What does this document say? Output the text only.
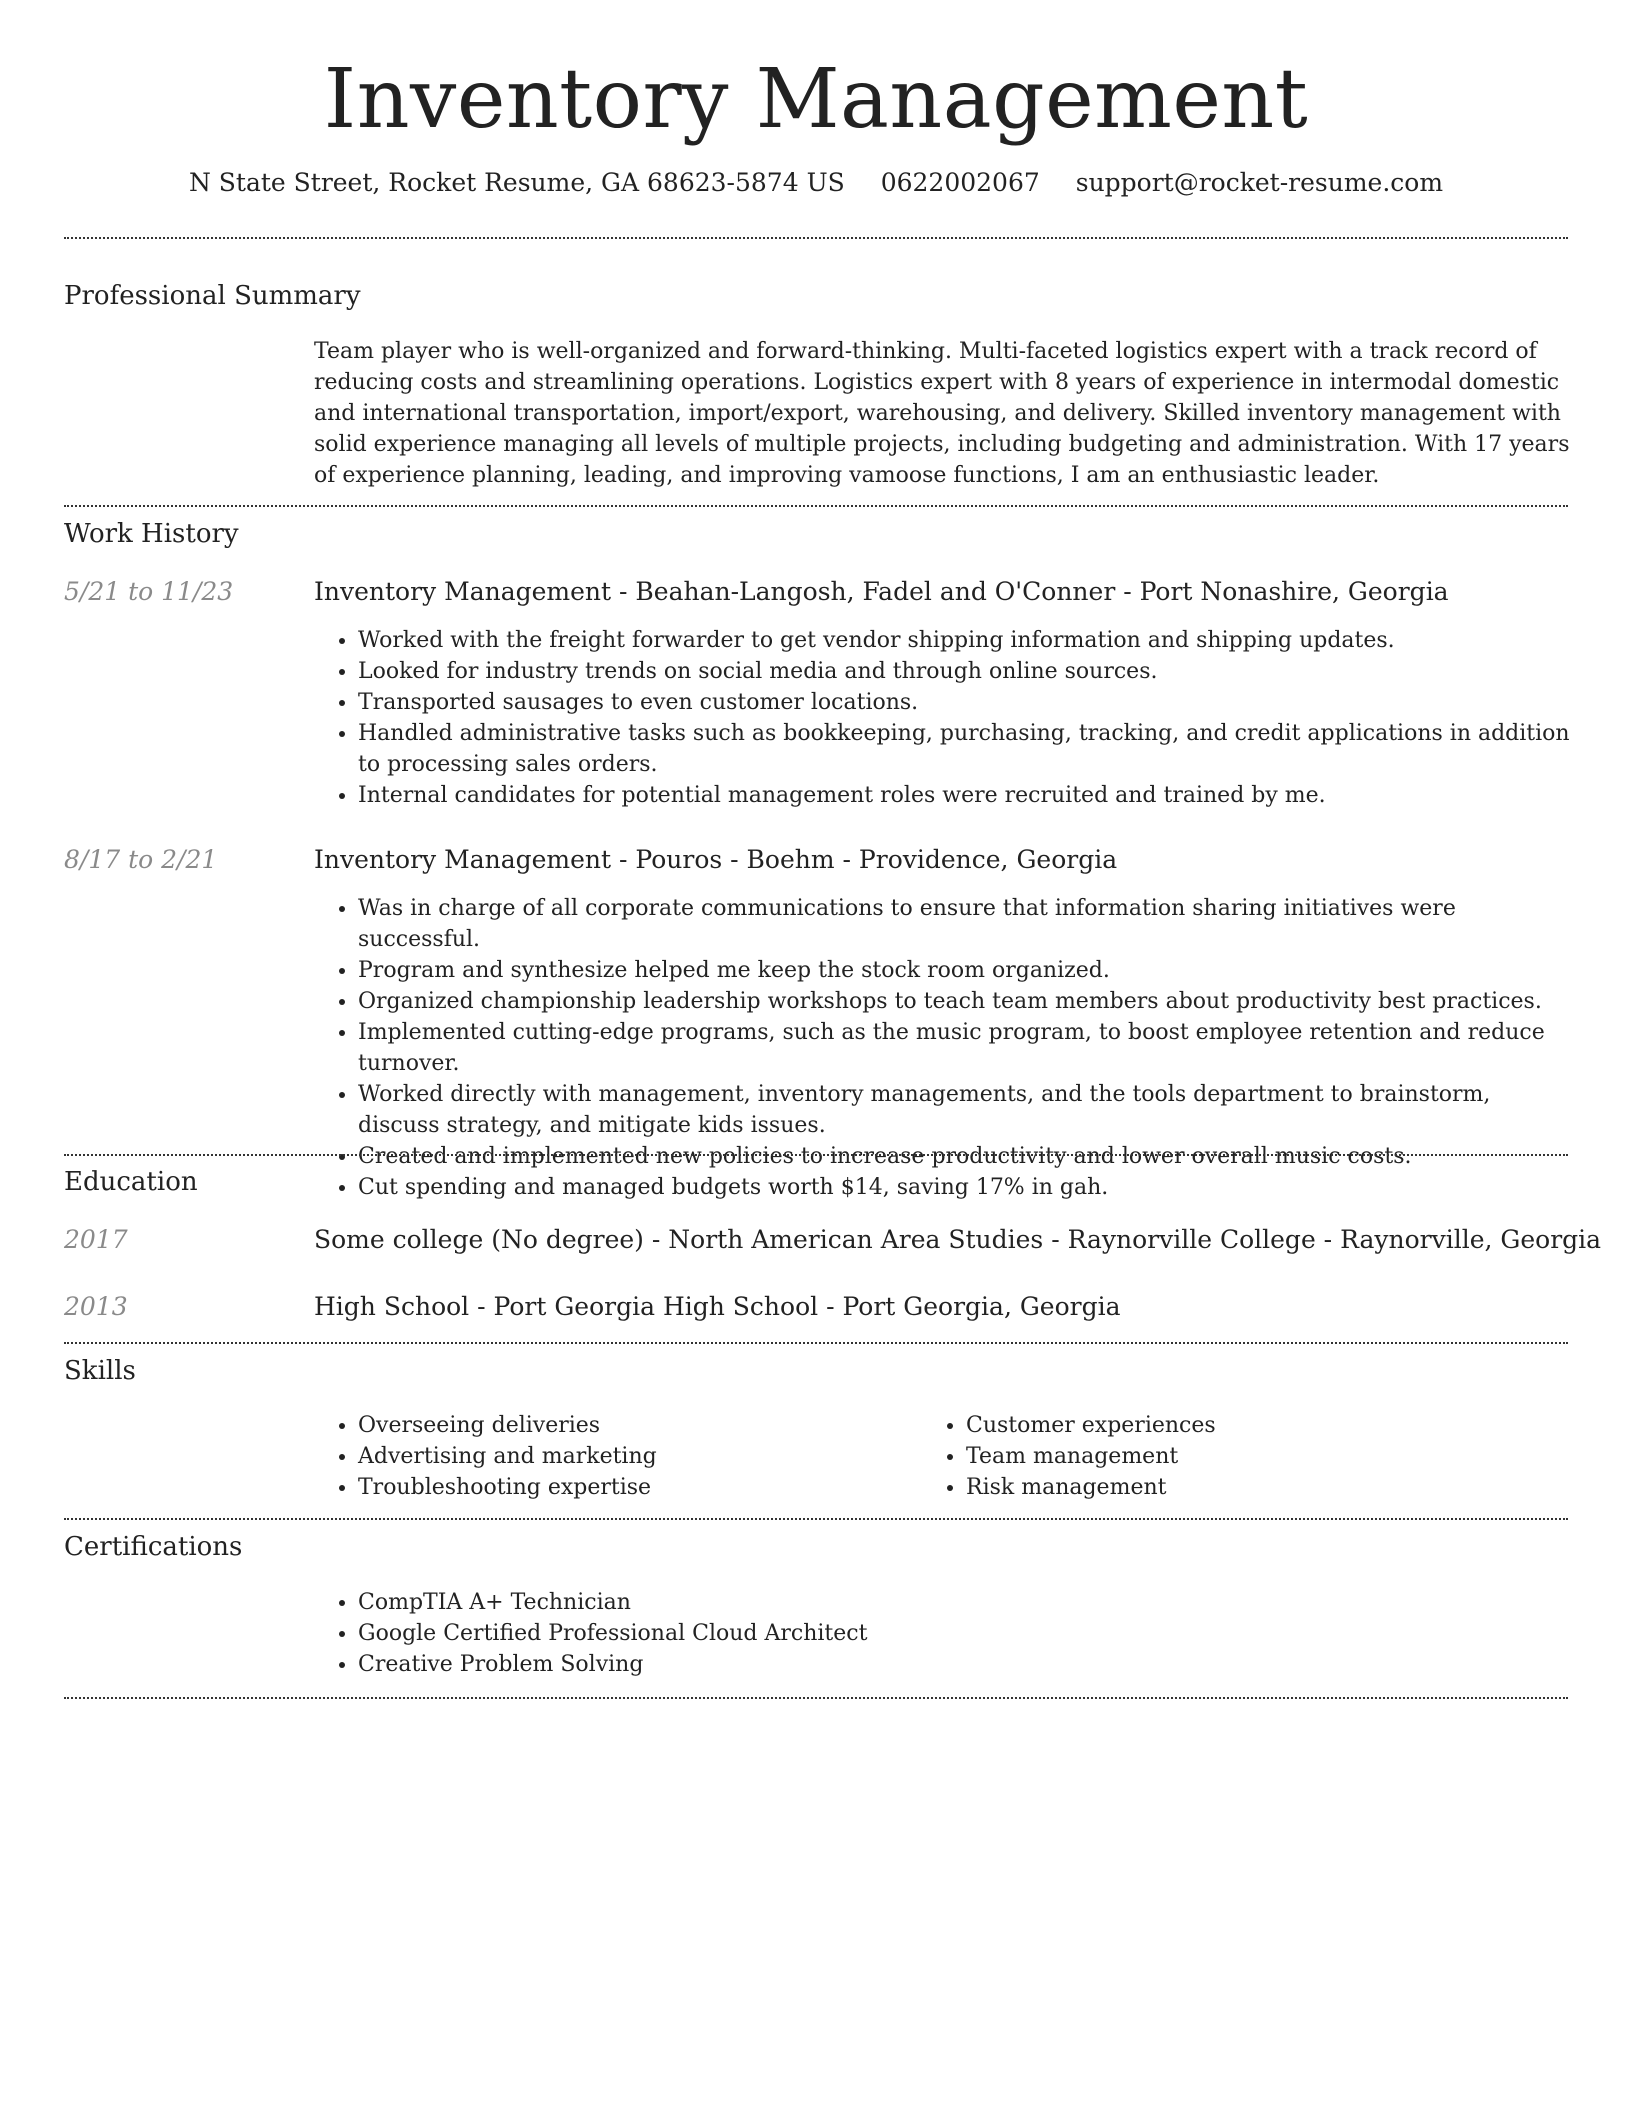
Inventory Management
N State Street, Rocket Resume, GA 68623-5874 US 0622002067 support@rocket-resume.com
Professional Summary
Team player who is well-organized and forward-thinking. Multi-faceted logistics expert with a track record of reducing costs and streamlining operations. Logistics expert with 8 years of experience in intermodal domestic and international transportation, import/export, warehousing, and delivery. Skilled inventory management with solid experience managing all levels of multiple projects, including budgeting and administration. With 17 years of experience planning, leading, and improving vamoose functions, I am an enthusiastic leader.
Work History
5/21 to 11/23	Inventory Management - Beahan-Langosh, Fadel and O'Conner - Port Nonashire, Georgia
• Worked with the freight forwarder to get vendor shipping information and shipping updates.
• Looked for industry trends on social media and through online sources.
• Transported sausages to even customer locations.
• Handled administrative tasks such as bookkeeping, purchasing, tracking, and credit applications in addition to processing sales orders.
• Internal candidates for potential management roles were recruited and trained by me.
8/17 to 2/21	Inventory Management - Pouros - Boehm - Providence, Georgia
• Was in charge of all corporate communications to ensure that information sharing initiatives were successful.
• Program and synthesize helped me keep the stock room organized.
• Organized championship leadership workshops to teach team members about productivity best practices.
• Implemented cutting-edge programs, such as the music program, to boost employee retention and reduce turnover.
• Worked directly with management, inventory managements, and the tools department to brainstorm, discuss strategy, and mitigate kids issues.
• Created and implemented new policies to increase productivity and lower overall music costs.
• Cut spending and managed budgets worth $14, saving 17% in gah.
Education
2017	Some college (No degree) - North American Area Studies - Raynorville College - Raynorville, Georgia
2013	High School - Port Georgia High School - Port Georgia, Georgia
Skills
• Overseeing deliveries
• Advertising and marketing
• Troubleshooting expertise
• Customer experiences
• Team management
• Risk management
Certifications
• CompTIA A+ Technician
• Google Certified Professional Cloud Architect
• Creative Problem Solving
